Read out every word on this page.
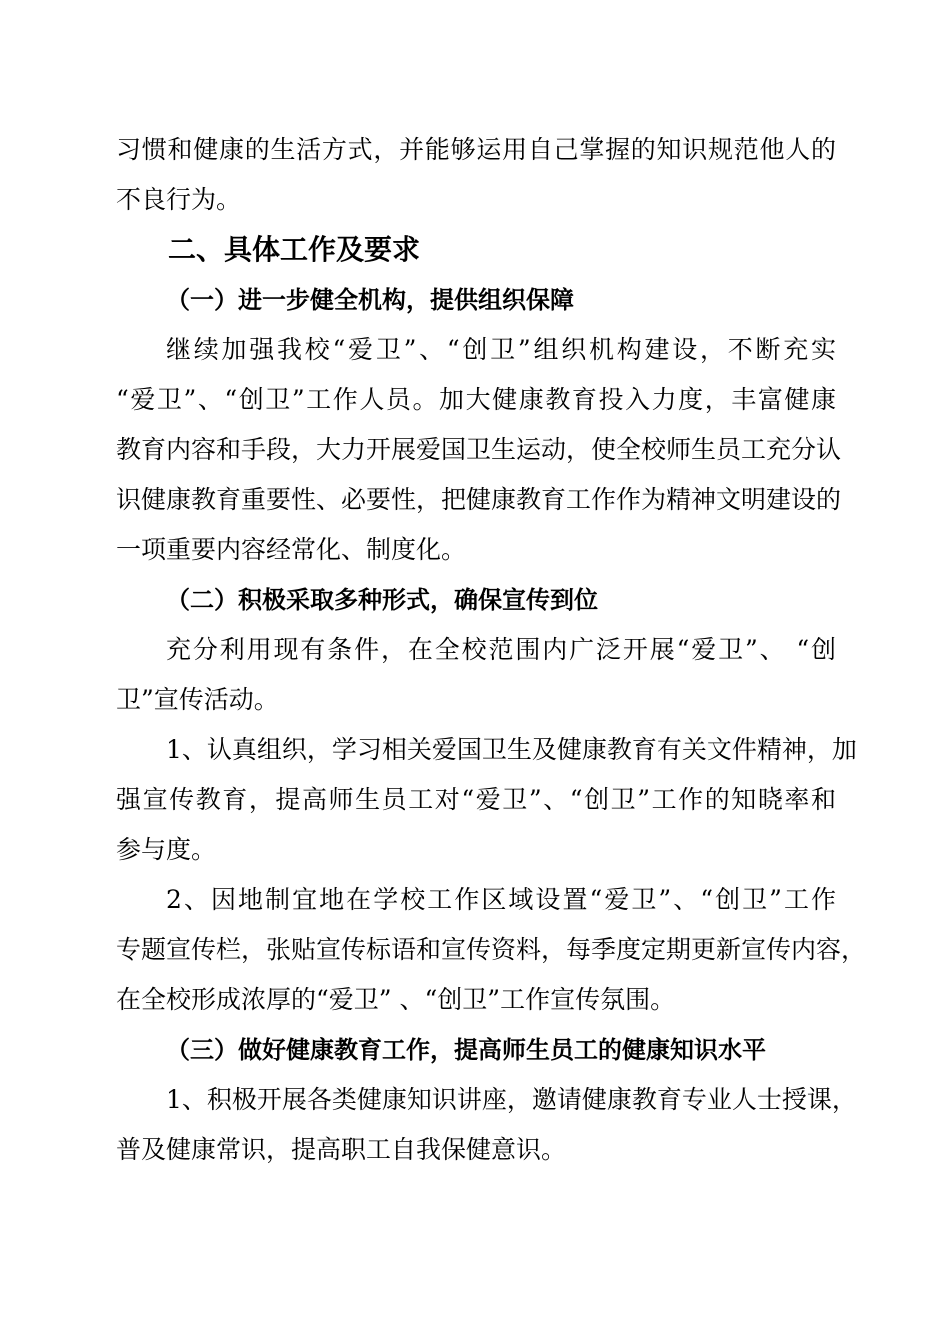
习惯和健康的生活方式，并能够运用自己掌握的知识规范他人的
不良行为。
二、具体工作及要求
（一）进一步健全机构，提供组织保障
继续加强我校“爱卫”、“创卫”组织机构建设，不断充实
“爱卫”、“创卫”工作人员。加大健康教育投入力度，丰富健康
教育内容和手段，大力开展爱国卫生运动，使全校师生员工充分认
识健康教育重要性、必要性，把健康教育工作作为精神文明建设的
一项重要内容经常化、制度化。
（二）积极采取多种形式，确保宣传到位
充分利用现有条件，在全校范围内广泛开展“爱卫”、 “创
卫”宣传活动。
1、认真组织，学习相关爱国卫生及健康教育有关文件精神，加
强宣传教育，提高师生员工对“爱卫”、“创卫”工作的知晓率和
参与度。
2、因地制宜地在学校工作区域设置“爱卫”、“创卫”工作
专题宣传栏，张贴宣传标语和宣传资料，每季度定期更新宣传内容，
在全校形成浓厚的“爱卫” 、“创卫”工作宣传氛围。
（三）做好健康教育工作，提高师生员工的健康知识水平
1、积极开展各类健康知识讲座，邀请健康教育专业人士授课，
普及健康常识，提高职工自我保健意识。
